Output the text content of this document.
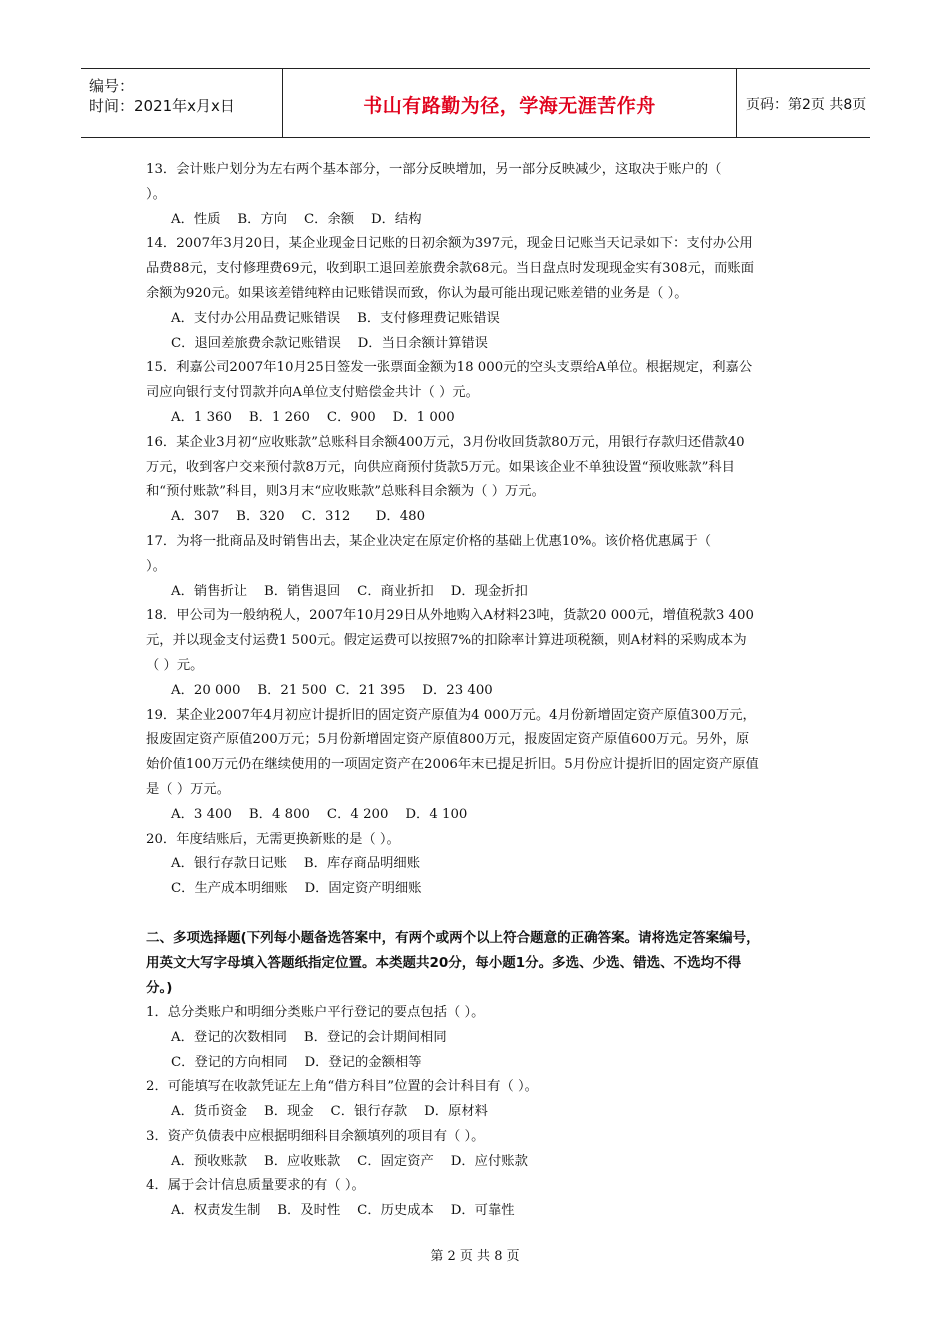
编号：
时间：2021年x月x日	书山有路勤为径，学海无涯苦作舟	页码：第2页 共8页

13．会计账户划分为左右两个基本部分，一部分反映增加，另一部分反映减少，这取决于账户的（

）。

A．性质    B．方向    C．余额    D．结构

14．2007年3月20日，某企业现金日记账的日初余额为397元，现金日记账当天记录如下：支付办公用

品费88元，支付修理费69元，收到职工退回差旅费余款68元。当日盘点时发现现金实有308元，而账面

余额为920元。如果该差错纯粹由记账错误而致，你认为最可能出现记账差错的业务是（ ）。

A．支付办公用品费记账错误    B．支付修理费记账错误

C．退回差旅费余款记账错误    D．当日余额计算错误

15．利嘉公司2007年10月25日签发一张票面金额为18 000元的空头支票给A单位。根据规定，利嘉公

司应向银行支付罚款并向A单位支付赔偿金共计（ ）元。

A．1 360    B．1 260    C．900    D．1 000

16．某企业3月初“应收账款”总账科目余额400万元，3月份收回货款80万元，用银行存款归还借款40

万元，收到客户交来预付款8万元，向供应商预付货款5万元。如果该企业不单独设置“预收账款”科目

和“预付账款”科目，则3月末“应收账款”总账科目余额为（ ）万元。

A．307    B．320    C．312      D．480

17．为将一批商品及时销售出去，某企业决定在原定价格的基础上优惠10%。该价格优惠属于（

）。

A．销售折让    B．销售退回    C．商业折扣    D．现金折扣

18．甲公司为一般纳税人，2007年10月29日从外地购入A材料23吨，货款20 000元，增值税款3 400

元，并以现金支付运费1 500元。假定运费可以按照7%的扣除率计算进项税额，则A材料的采购成本为

（ ）元。

A．20 000    B．21 500  C．21 395    D．23 400

19．某企业2007年4月初应计提折旧的固定资产原值为4 000万元。4月份新增固定资产原值300万元，

报废固定资产原值200万元；5月份新增固定资产原值800万元，报废固定资产原值600万元。另外，原

始价值100万元仍在继续使用的一项固定资产在2006年末已提足折旧。5月份应计提折旧的固定资产原值

是（ ）万元。

A．3 400    B．4 800    C．4 200    D．4 100

20．年度结账后，无需更换新账的是（ ）。

A．银行存款日记账    B．库存商品明细账

C．生产成本明细账    D．固定资产明细账

二、多项选择题(下列每小题备选答案中，有两个或两个以上符合题意的正确答案。请将选定答案编号，
用英文大写字母填入答题纸指定位置。本类题共20分，每小题1分。多选、少选、错选、不选均不得
分。)

1．总分类账户和明细分类账户平行登记的要点包括（ ）。

A．登记的次数相同    B．登记的会计期间相同

C．登记的方向相同    D．登记的金额相等

2．可能填写在收款凭证左上角“借方科目”位置的会计科目有（ ）。

A．货币资金    B．现金    C．银行存款    D．原材料

3．资产负债表中应根据明细科目余额填列的项目有（ ）。

A．预收账款    B．应收账款    C．固定资产    D．应付账款

4．属于会计信息质量要求的有（ ）。

A．权责发生制    B．及时性    C．历史成本    D．可靠性

第 2 页 共 8 页
